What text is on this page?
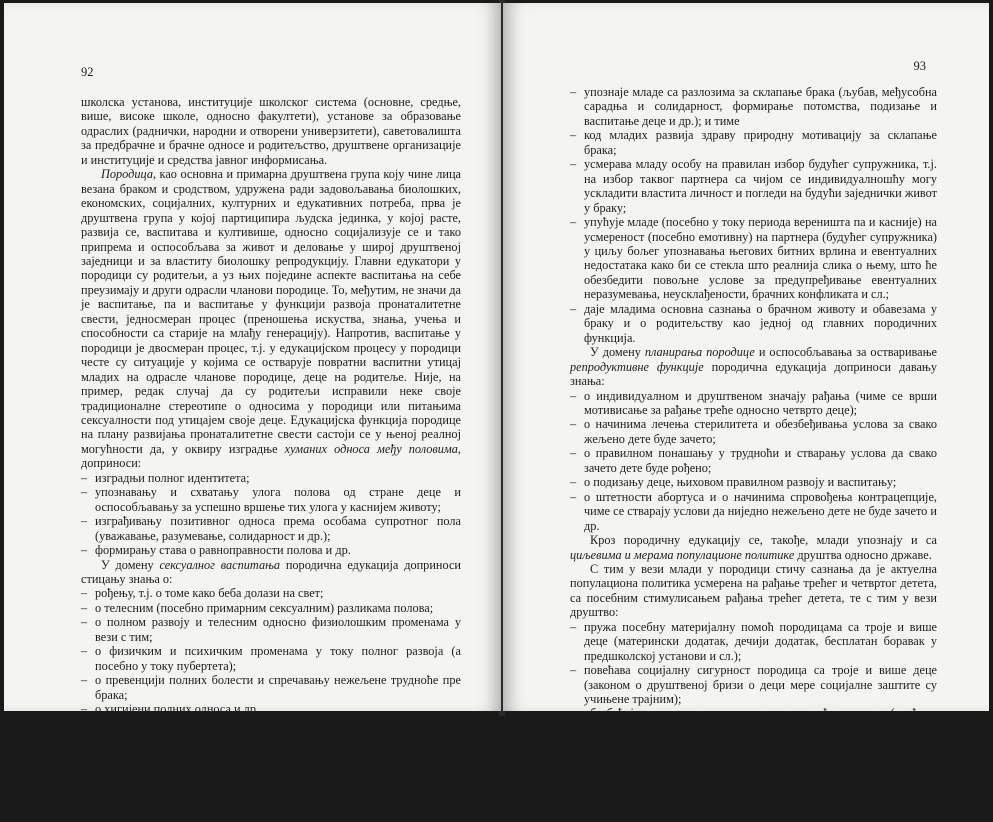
92

школска установа, институције школског система (основне, средње, више, високе школе, односно факултети), установе за образовање одраслих (раднички, народни и отворени универзитети), саветовалишта за предбрачне и брачне односе и родитељство, друштвене организације и институције и средства јавног информисања.

Породица, као основна и примарна друштвена група коју чине лица везана браком и сродством, удружена ради задовољавања биолошких, економских, социјалних, културних и едукативних потреба, прва је друштвена група у којој партиципира људска јединка, у којој расте, развија се, васпитава и култивише, односно социјализује се и тако припрема и оспособљава за живот и деловање у широј друштвеној заједници и за властиту биолошку репродукцију. Главни едукатори у породици су родитељи, а уз њих поједине аспекте васпитања на себе преузимају и други одрасли чланови породице. То, међутим, не значи да је васпитање, па и васпитање у функцији развоја пронаталитетне свести, једносмеран процес (преношења искуства, знања, учења и способности са старије на млађу генерацију). Напротив, васпитање у породици је двосмеран процес, т.ј. у едукацијском процесу у породици честе су ситуације у којима се остварује повратни васпитни утицај младих на одрасле чланове породице, деце на родитеље. Није, на пример, редак случај да су родитељи исправили неке своје традиционалне стереотипе о односима у породици или питањима сексуалности под утицајем своје деце. Едукацијска функција породице на плану развијања пронаталитетне свести састоји се у њеној реалној могућности да, у оквиру изградње хуманих односа међу половима, доприноси:

– изградњи полног идентитета;
– упознавању и схватању улога полова од стране деце и оспособљавању за успешно вршење тих улога у каснијем животу;
– изграђивању позитивног односа према особама супротног пола (уважавање, разумевање, солидарност и др.);
– формирању става о равноправности полова и др.

У домену сексуалног васпитања породична едукација доприноси стицању знања о:

– рођењу, т.ј. о томе како беба долази на свет;
– о телесним (посебно примарним сексуалним) разликама полова;
– о полном развоју и телесним односно физиолошким променама у вези с тим;
– о физичким и психичким променама у току полног развоја (а посебно у току пубертета);
– о превенцији полних болести и спречавању нежељене трудноће пре брака;
– о хигијени полних односа и др.

Породична едукација доприноси припремању младих за брак и брачне односе тако што:

– брак родитеља служи као узор младима за будући брачни живот;
– младима пружа сазнања који су услови и које је право време за склапање брака;
93
– упознаје младе са разлозима за склапање брака (љубав, међусобна сарадња и солидарност, формирање потомства, подизање и васпитање деце и др.); и тиме
– код младих развија здраву природну мотивацију за склапање брака;
– усмерава младу особу на правилан избор будућег супружника, т.ј. на избор таквог партнера са чијом се индивидуалношћу могу ускладити властита личност и погледи на будући заједнички живот у браку;
– упућује младе (посебно у току периода вереништа па и касније) на усмереност (посебно емотивну) на партнера (будућег супружника) у циљу бољег упознавања његових битних врлина и евентуалних недостатака како би се стекла што реалнија слика о њему, што ће обезбедити повољне услове за предупређивање евентуалних неразумевања, неусклађености, брачних конфликата и сл.;
– даје младима основна сазнања о брачном животу и обавезама у браку и о родитељству као једној од главних породичних функција.

У домену планирања породице и оспособљавања за остваривање репродуктивне функције породична едукација доприноси давању знања:

– о индивидуалном и друштвеном значају рађања (чиме се врши мотивисање за рађање треће односно четврто деце);
– о начинима лечења стерилитета и обезбеђивања услова за свако жељено дете буде зачето;
– о правилном понашању у трудноћи и стварању услова да свако зачето дете буде рођено;
– о подизању деце, њиховом правилном развоју и васпитању;
– о штетности абортуса и о начинима спровођења контрацепције, чиме се стварају услови да ниједно нежељено дете не буде зачето и др.

Кроз породичну едукацију се, такође, млади упознају и са циљевима и мерама популационе политике друштва односно државе.

С тим у вези млади у породици стичу сазнања да је актуелна популациона политика усмерена на рађање трећег и четвртог детета, са посебним стимулисањем рађања трећег детета, те с тим у вези друштво:

– пружа посебну материјалну помоћ породицама са троје и више деце (матерински додатак, дечији додатак, бесплатан боравак у предшколској установи и сл.);
– повећава социјалну сигурност породица са троје и више деце (законом о друштвеној бризи о деци мере социјалне заштите су учињене трајним);
– обезбеђује радну сигурност родитеља трећег детета (плаћено породиљско одсуство у трајању од 2 године);
– спроводи здравствену заштиту трудница и мајки са децом;
– врши саветодавни третман будућих и актуелних родитеља и деце;
– бољим вредновањем и афирмацијама материнства (кроз разна друштвена признања и привилегије, односно истицањем већег друштвеног значаја мајке) подиже свест о корисности материнства и ствара јаче мотиве за рађање деце и др.
